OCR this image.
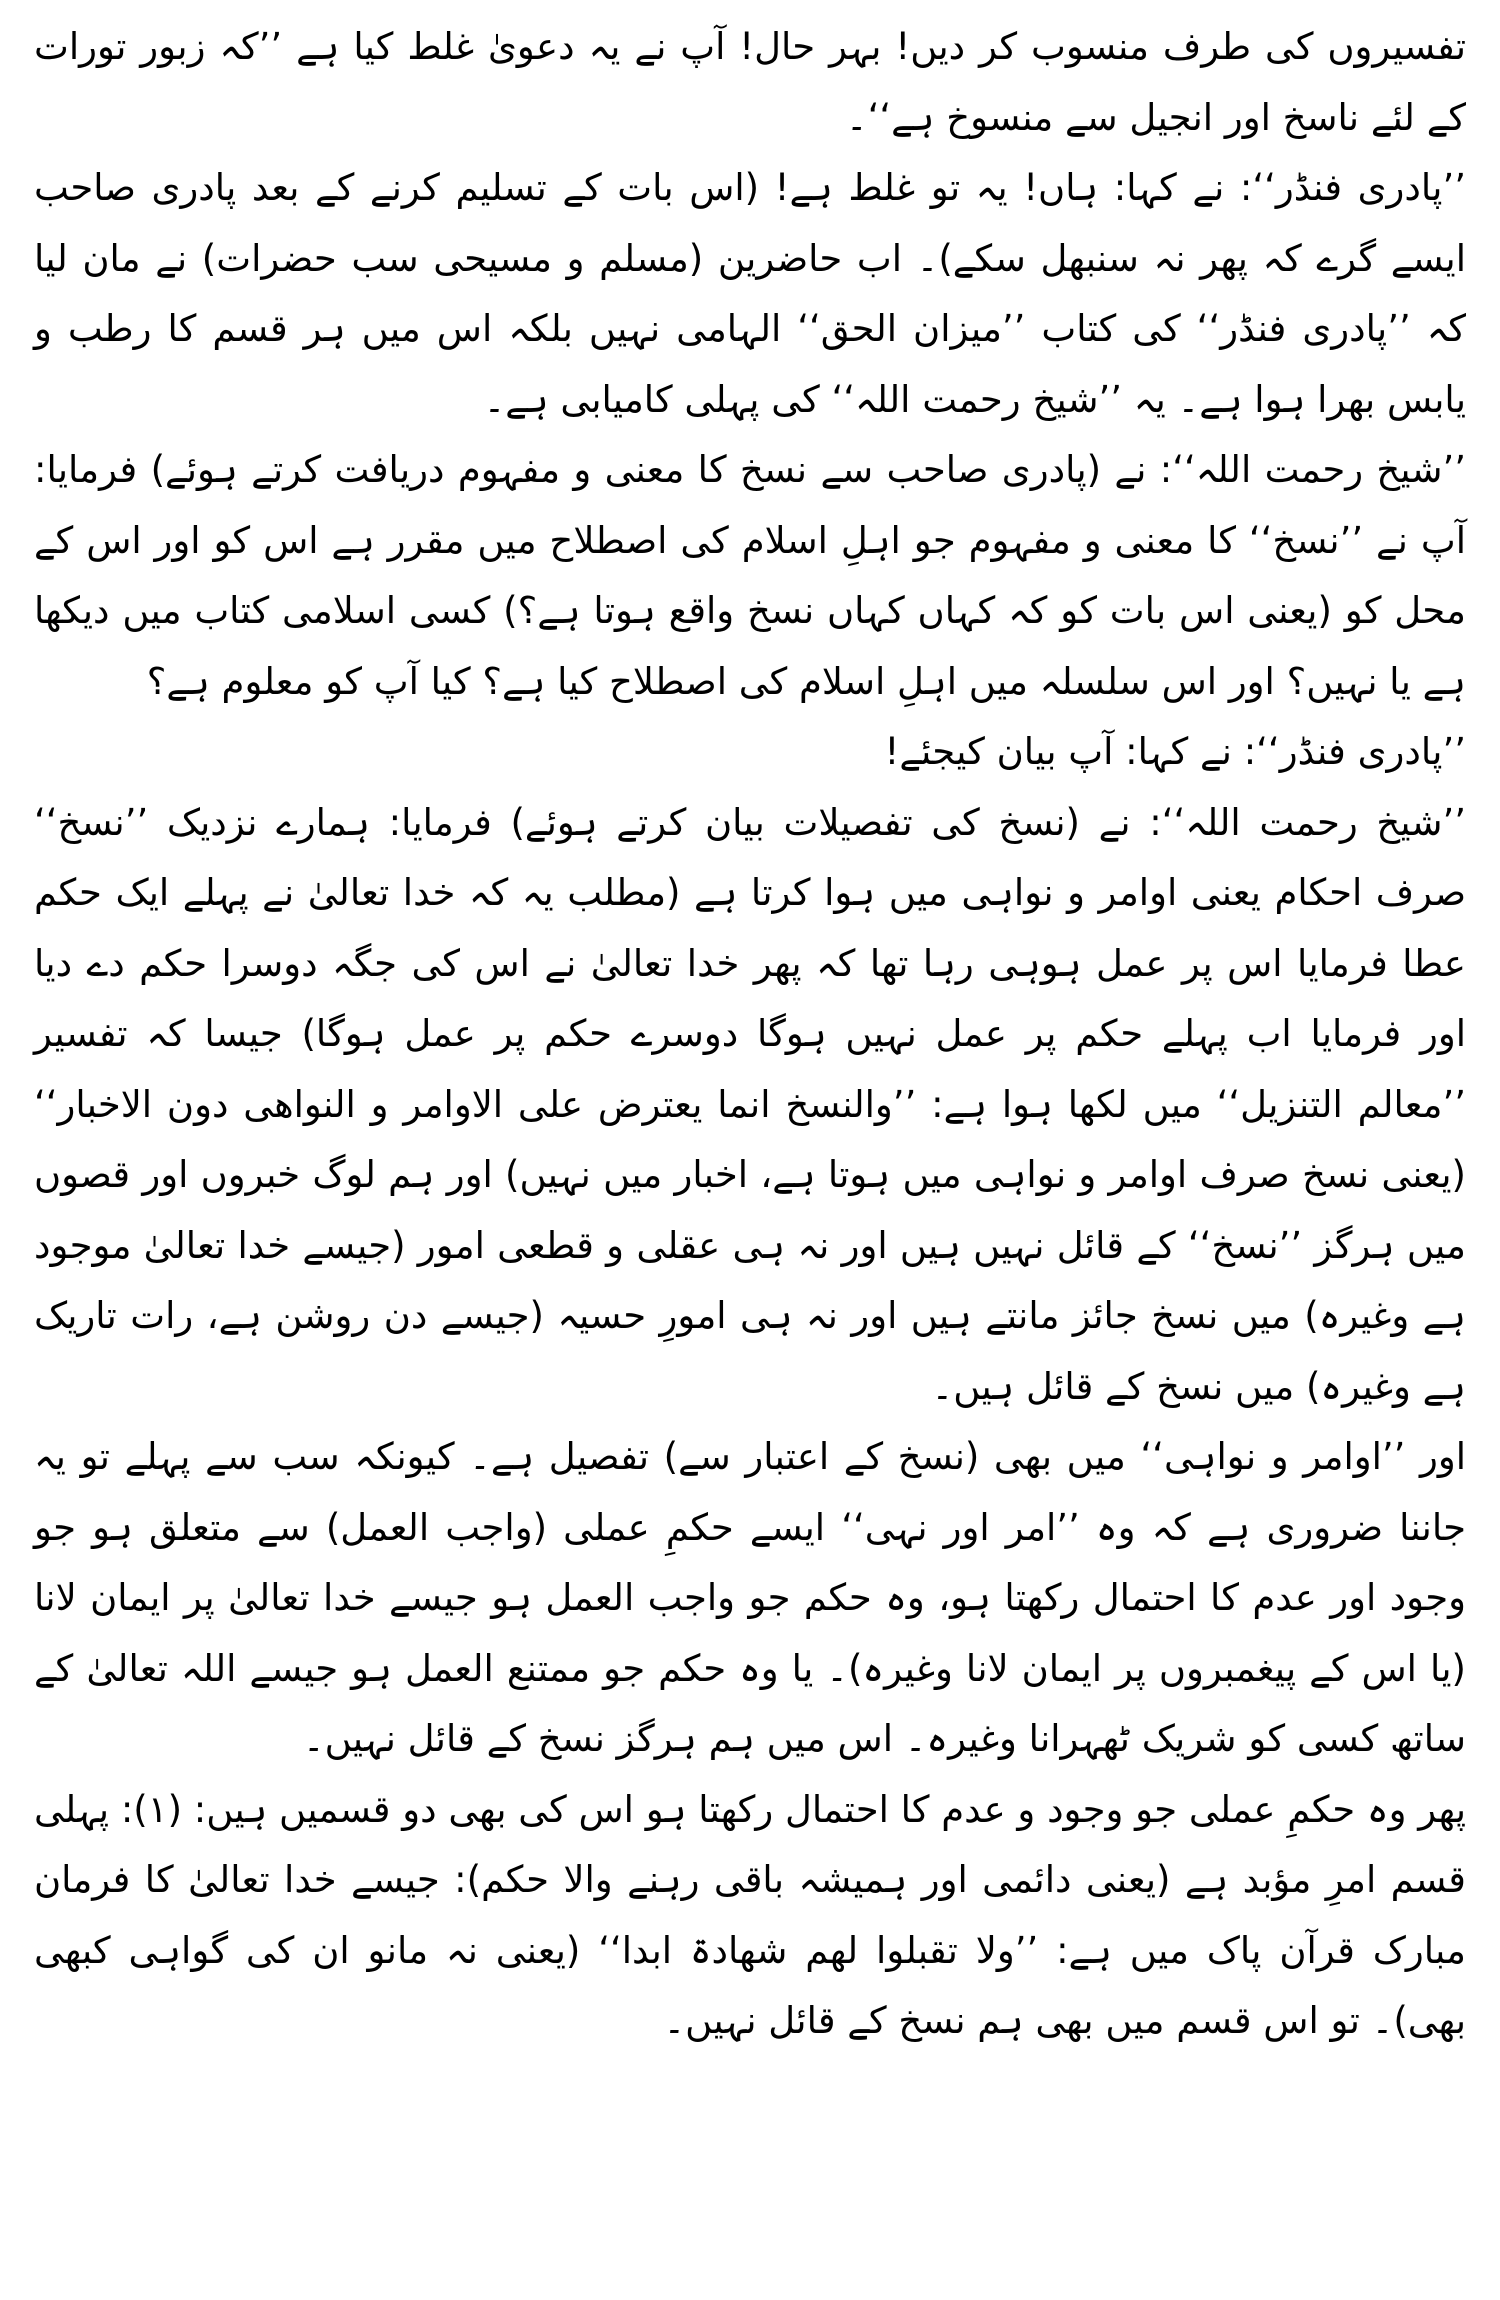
تفسیروں کی طرف منسوب کر دیں! بہر حال! آپ نے یہ دعویٰ غلط کیا ہے ’’کہ زبور تورات کے لئے ناسخ اور انجیل سے منسوخ ہے‘‘۔

’’پادری فنڈر‘‘: نے کہا: ہاں! یہ تو غلط ہے! (اس بات کے تسلیم کرنے کے بعد پادری صاحب ایسے گرے کہ پھر نہ سنبھل سکے)۔ اب حاضرین (مسلم و مسیحی سب حضرات) نے مان لیا کہ ’’پادری فنڈر‘‘ کی کتاب ’’میزان الحق‘‘ الہامی نہیں بلکہ اس میں ہر قسم کا رطب و یابس بھرا ہوا ہے۔ یہ ’’شیخ رحمت اللہ‘‘ کی پہلی کامیابی ہے۔

’’شیخ رحمت اللہ‘‘: نے (پادری صاحب سے نسخ کا معنی و مفہوم دریافت کرتے ہوئے) فرمایا: آپ نے ’’نسخ‘‘ کا معنی و مفہوم جو اہلِ اسلام کی اصطلاح میں مقرر ہے اس کو اور اس کے محل کو (یعنی اس بات کو کہ کہاں کہاں نسخ واقع ہوتا ہے؟) کسی اسلامی کتاب میں دیکھا ہے یا نہیں؟ اور اس سلسلہ میں اہلِ اسلام کی اصطلاح کیا ہے؟ کیا آپ کو معلوم ہے؟

’’پادری فنڈر‘‘: نے کہا: آپ بیان کیجئے!

’’شیخ رحمت اللہ‘‘: نے (نسخ کی تفصیلات بیان کرتے ہوئے) فرمایا: ہمارے نزدیک ’’نسخ‘‘ صرف احکام یعنی اوامر و نواہی میں ہوا کرتا ہے (مطلب یہ کہ خدا تعالیٰ نے پہلے ایک حکم عطا فرمایا اس پر عمل ہوہی رہا تھا کہ پھر خدا تعالیٰ نے اس کی جگہ دوسرا حکم دے دیا اور فرمایا اب پہلے حکم پر عمل نہیں ہوگا دوسرے حکم پر عمل ہوگا) جیسا کہ تفسیر ’’معالم التنزیل‘‘ میں لکھا ہوا ہے: ’’والنسخ انما یعترض علی الاوامر و النواھی دون الاخبار‘‘ (یعنی نسخ صرف اوامر و نواہی میں ہوتا ہے، اخبار میں نہیں) اور ہم لوگ خبروں اور قصوں میں ہرگز ’’نسخ‘‘ کے قائل نہیں ہیں اور نہ ہی عقلی و قطعی امور (جیسے خدا تعالیٰ موجود ہے وغیرہ) میں نسخ جائز مانتے ہیں اور نہ ہی امورِ حسیہ (جیسے دن روشن ہے، رات تاریک ہے وغیرہ) میں نسخ کے قائل ہیں۔

اور ’’اوامر و نواہی‘‘ میں بھی (نسخ کے اعتبار سے) تفصیل ہے۔ کیونکہ سب سے پہلے تو یہ جاننا ضروری ہے کہ وہ ’’امر اور نہی‘‘ ایسے حکمِ عملی (واجب العمل) سے متعلق ہو جو وجود اور عدم کا احتمال رکھتا ہو، وہ حکم جو واجب العمل ہو جیسے خدا تعالیٰ پر ایمان لانا (یا اس کے پیغمبروں پر ایمان لانا وغیرہ)۔ یا وہ حکم جو ممتنع العمل ہو جیسے اللہ تعالیٰ کے ساتھ کسی کو شریک ٹھہرانا وغیرہ۔ اس میں ہم ہرگز نسخ کے قائل نہیں۔

پھر وہ حکمِ عملی جو وجود و عدم کا احتمال رکھتا ہو اس کی بھی دو قسمیں ہیں: (۱): پہلی قسم امرِ مؤبد ہے (یعنی دائمی اور ہمیشہ باقی رہنے والا حکم): جیسے خدا تعالیٰ کا فرمان مبارک قرآن پاک میں ہے: ’’ولا تقبلوا لھم شھادۃ ابدا‘‘ (یعنی نہ مانو ان کی گواہی کبھی بھی)۔ تو اس قسم میں بھی ہم نسخ کے قائل نہیں۔
